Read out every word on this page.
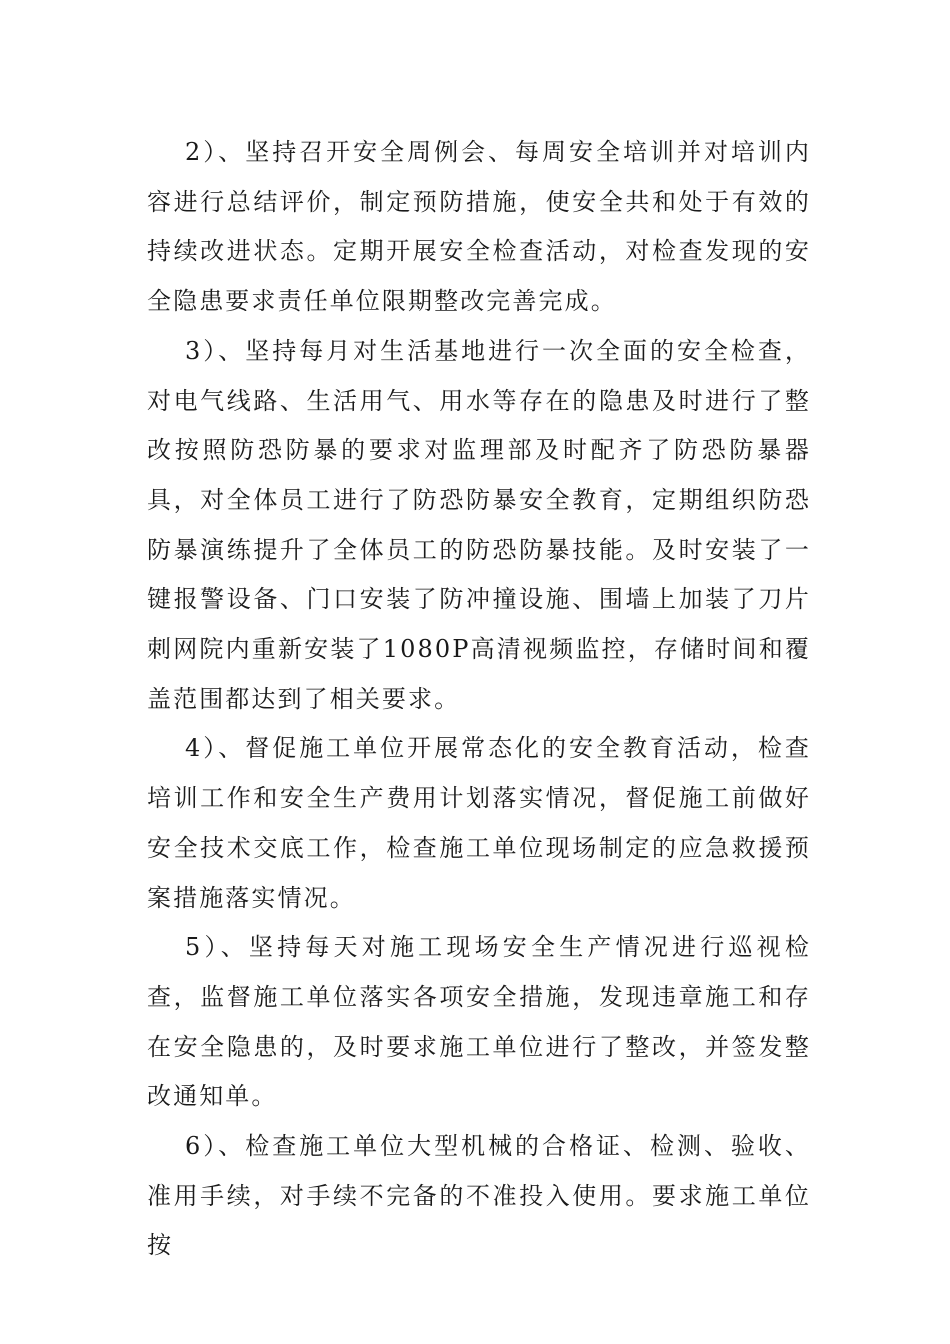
2）、坚持召开安全周例会、每周安全培训并对培训内容进行总结评价，制定预防措施，使安全共和处于有效的持续改进状态。定期开展安全检查活动，对检查发现的安全隐患要求责任单位限期整改完善完成。

3）、坚持每月对生活基地进行一次全面的安全检查，对电气线路、生活用气、用水等存在的隐患及时进行了整改按照防恐防暴的要求对监理部及时配齐了防恐防暴器具，对全体员工进行了防恐防暴安全教育，定期组织防恐防暴演练提升了全体员工的防恐防暴技能。及时安装了一键报警设备、门口安装了防冲撞设施、围墙上加装了刀片刺网院内重新安装了1080P高清视频监控，存储时间和覆盖范围都达到了相关要求。

4）、督促施工单位开展常态化的安全教育活动，检查培训工作和安全生产费用计划落实情况，督促施工前做好安全技术交底工作，检查施工单位现场制定的应急救援预案措施落实情况。

5）、坚持每天对施工现场安全生产情况进行巡视检查，监督施工单位落实各项安全措施，发现违章施工和存在安全隐患的，及时要求施工单位进行了整改，并签发整改通知单。

6）、检查施工单位大型机械的合格证、检测、验收、准用手续，对手续不完备的不准投入使用。要求施工单位按
